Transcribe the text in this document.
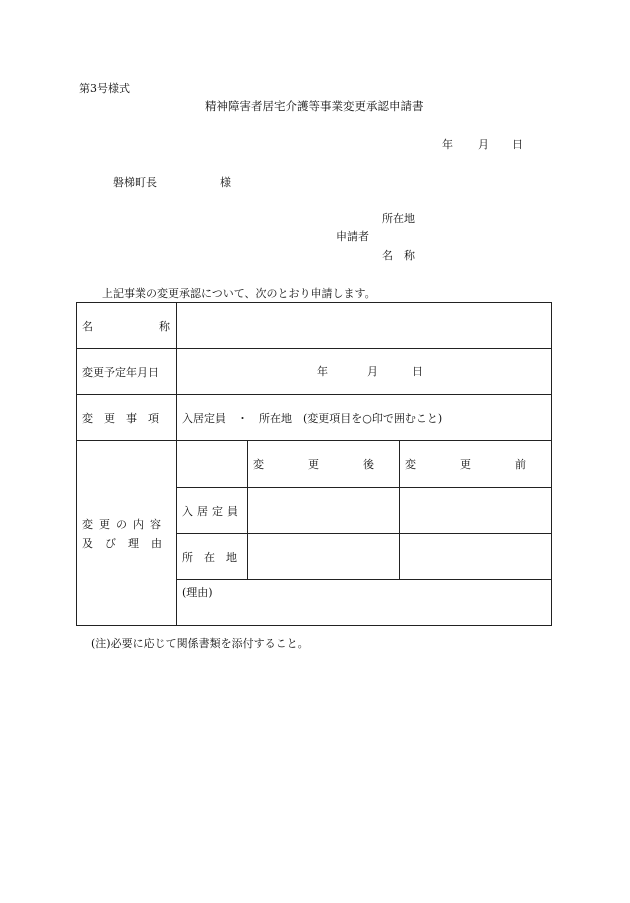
第3号様式
精神障害者居宅介護等事業変更承認申請書
年 月 日
磐梯町長	様
所在地
申請者
名　称
上記事業の変更承認について、次のとおり申請します。
名　　　　　　称			
変更予定年月日	年 月 日		

変　更　事　項	入居定員　・　所在地　(変更項目を○印で囲むこと)		

変更の内容
及び理由		変　　　　更　　　　後	変　　　　更　　　　前
	入居定員		
	所　在　地		
	(理由)		
(注)必要に応じて関係書類を添付すること。
